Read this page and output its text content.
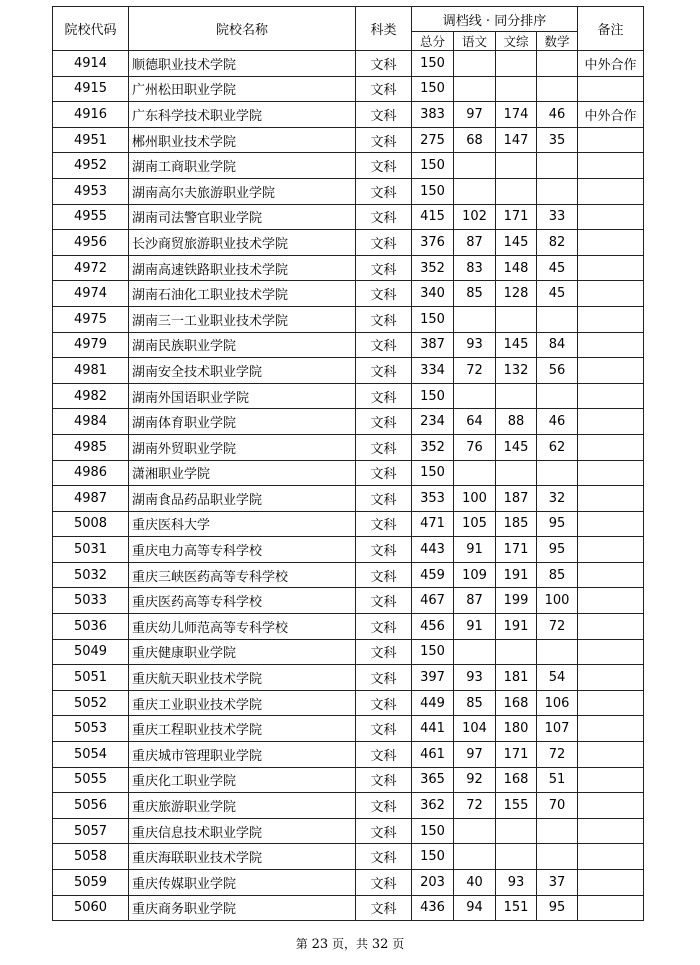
院校代码	院校名称	科类	调档线 · 同分排序				备注
			总分	语文	文综	数学	
4914	顺德职业技术学院	文科	150				中外合作
4915	广州松田职业学院	文科	150				
4916	广东科学技术职业学院	文科	383	97	174	46	中外合作
4951	郴州职业技术学院	文科	275	68	147	35	
4952	湖南工商职业学院	文科	150				
4953	湖南高尔夫旅游职业学院	文科	150				
4955	湖南司法警官职业学院	文科	415	102	171	33	
4956	长沙商贸旅游职业技术学院	文科	376	87	145	82	
4972	湖南高速铁路职业技术学院	文科	352	83	148	45	
4974	湖南石油化工职业技术学院	文科	340	85	128	45	
4975	湖南三一工业职业技术学院	文科	150				
4979	湖南民族职业学院	文科	387	93	145	84	
4981	湖南安全技术职业学院	文科	334	72	132	56	
4982	湖南外国语职业学院	文科	150				
4984	湖南体育职业学院	文科	234	64	88	46	
4985	湖南外贸职业学院	文科	352	76	145	62	
4986	潇湘职业学院	文科	150				
4987	湖南食品药品职业学院	文科	353	100	187	32	
5008	重庆医科大学	文科	471	105	185	95	
5031	重庆电力高等专科学校	文科	443	91	171	95	
5032	重庆三峡医药高等专科学校	文科	459	109	191	85	
5033	重庆医药高等专科学校	文科	467	87	199	100	
5036	重庆幼儿师范高等专科学校	文科	456	91	191	72	
5049	重庆健康职业学院	文科	150				
5051	重庆航天职业技术学院	文科	397	93	181	54	
5052	重庆工业职业技术学院	文科	449	85	168	106	
5053	重庆工程职业技术学院	文科	441	104	180	107	
5054	重庆城市管理职业学院	文科	461	97	171	72	
5055	重庆化工职业学院	文科	365	92	168	51	
5056	重庆旅游职业学院	文科	362	72	155	70	
5057	重庆信息技术职业学院	文科	150				
5058	重庆海联职业技术学院	文科	150				
5059	重庆传媒职业学院	文科	203	40	93	37	
5060	重庆商务职业学院	文科	436	94	151	95	
第 23 页，共 32 页
